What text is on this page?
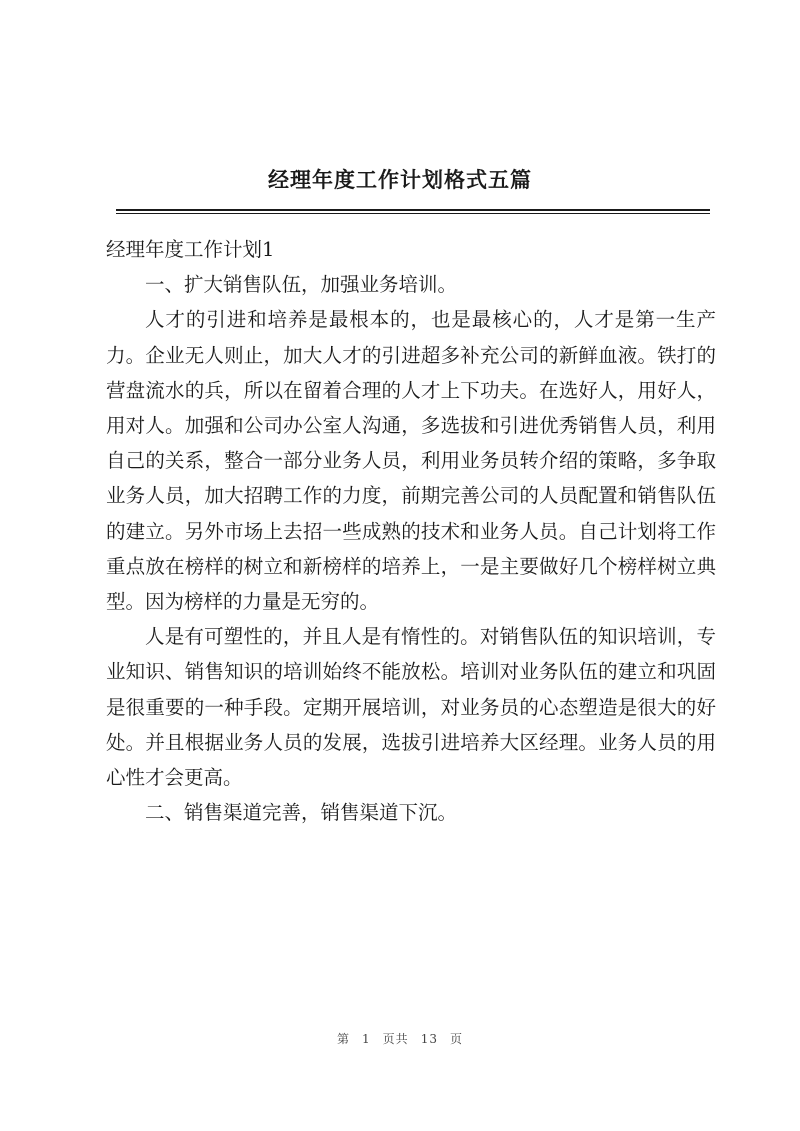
经理年度工作计划格式五篇

经理年度工作计划1

一、扩大销售队伍，加强业务培训。

人才的引进和培养是最根本的，也是最核心的，人才是第一生产力。企业无人则止，加大人才的引进超多补充公司的新鲜血液。铁打的营盘流水的兵，所以在留着合理的人才上下功夫。在选好人，用好人，用对人。加强和公司办公室人沟通，多选拔和引进优秀销售人员，利用自己的关系，整合一部分业务人员，利用业务员转介绍的策略，多争取业务人员，加大招聘工作的力度，前期完善公司的人员配置和销售队伍的建立。另外市场上去招一些成熟的技术和业务人员。自己计划将工作重点放在榜样的树立和新榜样的培养上，一是主要做好几个榜样树立典型。因为榜样的力量是无穷的。

人是有可塑性的，并且人是有惰性的。对销售队伍的知识培训，专业知识、销售知识的培训始终不能放松。培训对业务队伍的建立和巩固是很重要的一种手段。定期开展培训，对业务员的心态塑造是很大的好处。并且根据业务人员的发展，选拔引进培养大区经理。业务人员的用心性才会更高。

二、销售渠道完善，销售渠道下沉。

第 1 页共 13 页
